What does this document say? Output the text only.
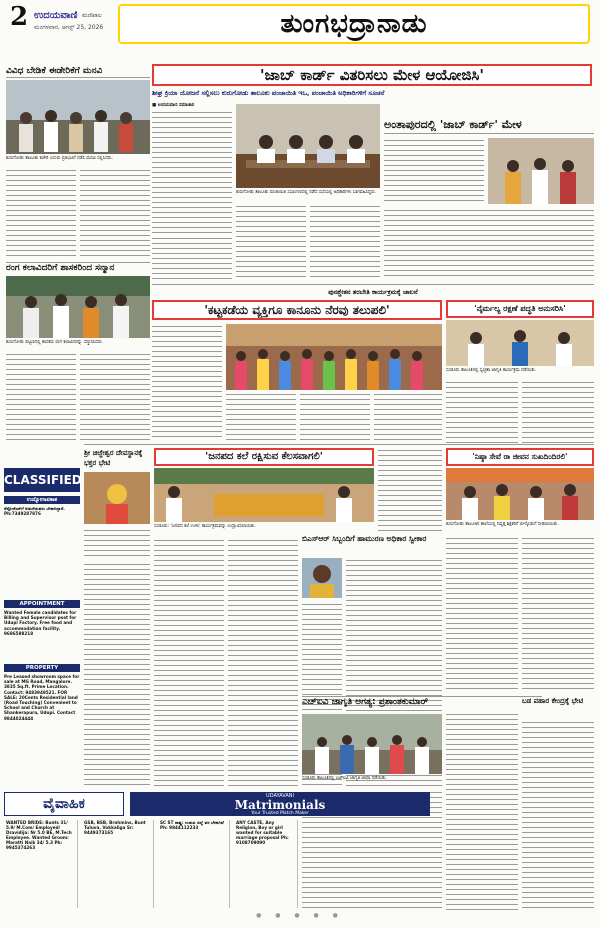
2 ಉದಯವಾಣಿ ಮಣಿಪಾಲ
ಮಂಗಳವಾರ, ಆಗಸ್ಟ್ 25, 2026	ತುಂಗಭದ್ರಾನಾಡು
ವಿವಿಧ ಬೇಡಿಕೆ ಈಡೇರಿಕೆಗೆ ಮನವಿ
ಕುರುಗೋಡು ತಾಲೂಕು ಕಚೇರಿ ಎದುರು ಪ್ರತಿಭಟನೆ ನಡೆಸಿ ಮನವಿ ಸಲ್ಲಿಸಿದರು.
ರಂಗ ಕಲಾವಿದರಿಗೆ ಶಾಸಕರಿಂದ ಸನ್ಮಾನ
ಕುರುಗೋಡು ಪಟ್ಟಣದಲ್ಲಿ ಶಾಸಕರು ರಂಗ ಕಲಾವಿದರನ್ನು ಸನ್ಮಾನಿಸಿದರು.
'ಜಾಬ್ ಕಾರ್ಡ್ ವಿತರಿಸಲು ಮೇಳ ಆಯೋಜಿಸಿ'
ಶೀಘ್ರ ಕ್ರಿಯಾ ಯೋಜನೆ ಸಲ್ಲಿಸಲು ಕುರುಗೋಡು ತಾಲೂಕು ಪಂಚಾಯಿತಿ ಇಒ, ಪಂಚಾಯಿತಿ ಅಧಿಕಾರಿಗಳಿಗೆ ಸೂಚನೆ
■ ಉದಯವಾಣಿ ಸಮಾಚಾರ
ಕುರುಗೋಡು ತಾಲೂಕು ಪಂಚಾಯಿತಿ ಸಭಾಂಗಣದಲ್ಲಿ ನಡೆದ ಸಭೆಯಲ್ಲಿ ಅಧಿಕಾರಿಗಳು ಭಾಗವಹಿಸಿದ್ದರು.
ಅಂತಾಪುರದಲ್ಲಿ 'ಜಾಬ್ ಕಾರ್ಡ್' ಮೇಳ
ಪುನಶ್ಚೇತನ ತರಬೇತಿ ಕಾರ್ಯಕ್ರಮಕ್ಕೆ ಚಾಲನೆ
'ಕಟ್ಟಕಡೆಯ ವ್ಯಕ್ತಿಗೂ ಕಾನೂನು ನೆರವು ತಲುಪಲಿ'	'ನೈರ್ಮಲ್ಯ ರಕ್ಷಣೆ ಪದ್ಧತಿ ಅನುಸರಿಸಿ'
ಸಂಡೂರು ತಾಲೂಕಿನಲ್ಲಿ ಸ್ವಚ್ಛತಾ ಜಾಗೃತಿ ಕಾರ್ಯಕ್ರಮ ನಡೆಯಿತು.
ಶ್ರೀ ಚಿಜ್ಜೇಶ್ವರ ದೇವಸ್ಥಾನಕ್ಕೆ ಭಕ್ತರ ಭೇಟಿ
'ಜನಪದ ಕಲೆ ರಕ್ಷಿಸುವ ಕೆಲಸವಾಗಲಿ'
ಸಂಡೂರು: 'ಜನಪದ ಕಲೆ ಉಳಿಸಿ' ಕಾರ್ಯಕ್ರಮವನ್ನು ಉದ್ಘಾಟಿಸಲಾಯಿತು.
ಬಿಎಸ್ಆರ್ ಸಿಬ್ಬಂದಿಗೆ ಹಾಮುರಣ ಅಧಿಕಾರ ಸ್ವೀಕಾರ
'ನಿಷ್ಠಾ ಸೇವೆ ರಾ ಜೀವನ ಸುಖದಿಂದಿರಲಿ'
ಕುರುಗೋಡು ತಾಲೂಕಿನ ಶಾಲೆಯಲ್ಲಿ ನಿವೃತ್ತ ಶಿಕ್ಷಕರಿಗೆ ಬೀಳ್ಕೊಡುಗೆ ನೀಡಲಾಯಿತು.
ಎಚ್ಐವಿ ಜಾಗೃತಿ ಅಗತ್ಯ: ಪ್ರಶಾಂತಕುಮಾರ್
ಸಂಡೂರು ತಾಲೂಕಿನಲ್ಲಿ ಎಚ್ಐವಿ ಜಾಗೃತಿ ಜಾಥಾ ನಡೆಯಿತು.
ಬಡ ಪಹಾರ ಕೇಂದ್ರಕ್ಕೆ ಭೇಟಿ
CLASSIFIED
ಉದ್ಯೋಗಾವಕಾಶ
ರೆಸ್ಟೋರೆಂಟ್‌ಗೆ ಅಡುಗೆಯವರು ಬೇಕಾಗಿದ್ದಾರೆ. Ph:7349287876
APPOINTMENT
Wanted Female candidates for Billing and Supervisor post for Udupi Factory. Free food and accommodation facility. 9686588218
PROPERTY
Pre Leased showroom space for sale at MG Road, Mangalore. 3835 Sq.ft. Prime Location. Contact: 9483949521. FOR SALE: 20Cents Residential land (Road Touching) Convenient to School and Church at Shankerapura, Udupi. Contact 9844024444
ವೈವಾಹಿಕ	UDAYAVANI
Matrimonials
Your Trusted Match Maker
WANTED BRIDE: Bunts 31/ 5.9/ M.Com/ Employed/ Dravidija: Nr 5.0 BE, M.Tech Employee. Wanted Groom: Maratti Naik 34/ 5.3 Ph: 9945374263
GSB, BSB, Brahmins, Bunt Tuluva, Vokkaliga Sr: 9449373165
SC ST ರಾಷ್ಟ್ರ: ಉಡುಪಿ ಜಿಲ್ಲೆ ವರ ಬೇಕಾಗಿದೆ Ph: 9844112233
ANY CASTE, Any Religion, Boy or girl wanted for suitable marriage proposal Ph: 9108709090
● ● ● ● ●
